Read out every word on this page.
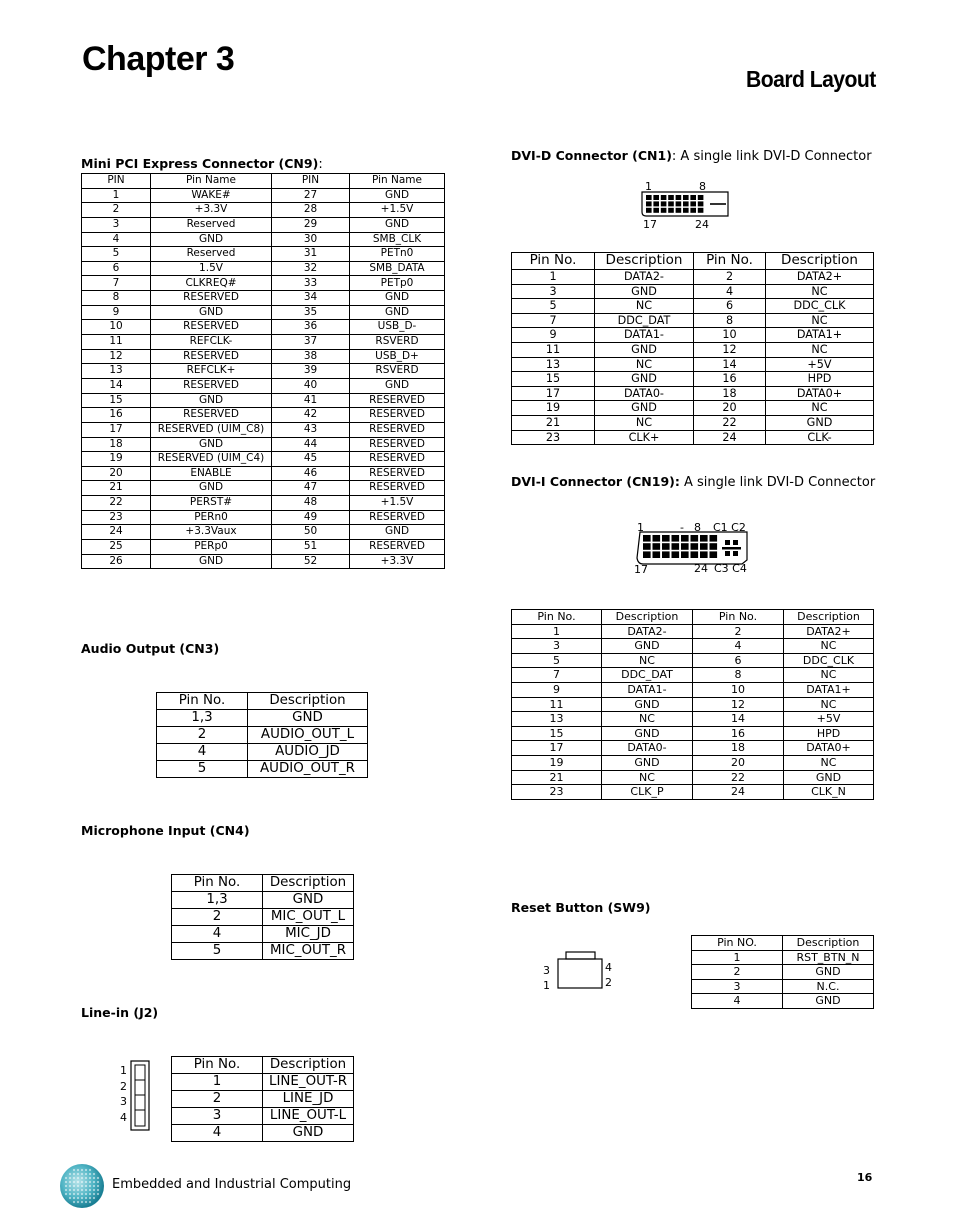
Chapter 3
Board Layout
Mini PCI Express Connector (CN9):
PIN	Pin Name	PIN	Pin Name
1	WAKE#	27	GND
2	+3.3V	28	+1.5V
3	Reserved	29	GND
4	GND	30	SMB_CLK
5	Reserved	31	PETn0
6	1.5V	32	SMB_DATA
7	CLKREQ#	33	PETp0
8	RESERVED	34	GND
9	GND	35	GND
10	RESERVED	36	USB_D-
11	REFCLK-	37	RSVERD
12	RESERVED	38	USB_D+
13	REFCLK+	39	RSVERD
14	RESERVED	40	GND
15	GND	41	RESERVED
16	RESERVED	42	RESERVED
17	RESERVED (UIM_C8)	43	RESERVED
18	GND	44	RESERVED
19	RESERVED (UIM_C4)	45	RESERVED
20	ENABLE	46	RESERVED
21	GND	47	RESERVED
22	PERST#	48	+1.5V
23	PERn0	49	RESERVED
24	+3.3Vaux	50	GND
25	PERp0	51	RESERVED
26	GND	52	+3.3V
DVI-D Connector (CN1): A single link DVI-D Connector
1	8
17	24
Pin No.	Description	Pin No.	Description
1	DATA2-	2	DATA2+
3	GND	4	NC
5	NC	6	DDC_CLK
7	DDC_DAT	8	NC
9	DATA1-	10	DATA1+
11	GND	12	NC
13	NC	14	+5V
15	GND	16	HPD
17	DATA0-	18	DATA0+
19	GND	20	NC
21	NC	22	GND
23	CLK+	24	CLK-
DVI-I Connector (CN19): A single link DVI-D Connector
1	- 8 C1 C2
17	24 C3 C4
Pin No.	Description	Pin No.	Description
1	DATA2-	2	DATA2+
3	GND	4	NC
5	NC	6	DDC_CLK
7	DDC_DAT	8	NC
9	DATA1-	10	DATA1+
11	GND	12	NC
13	NC	14	+5V
15	GND	16	HPD
17	DATA0-	18	DATA0+
19	GND	20	NC
21	NC	22	GND
23	CLK_P	24	CLK_N
Audio Output (CN3)
Pin No.	Description
1,3	GND
2	AUDIO_OUT_L
4	AUDIO_JD
5	AUDIO_OUT_R
Microphone Input (CN4)
Pin No.	Description
1,3	GND
2	MIC_OUT_L
4	MIC_JD
5	MIC_OUT_R
Reset Button (SW9)
3
1
4
2
Pin NO.	Description
1	RST_BTN_N
2	GND
3	N.C.
4	GND
Line-in (J2)
1
2
3
4
Pin No.	Description
1	LINE_OUT-R
2	LINE_JD
3	LINE_OUT-L
4	GND
Embedded and Industrial Computing	16
